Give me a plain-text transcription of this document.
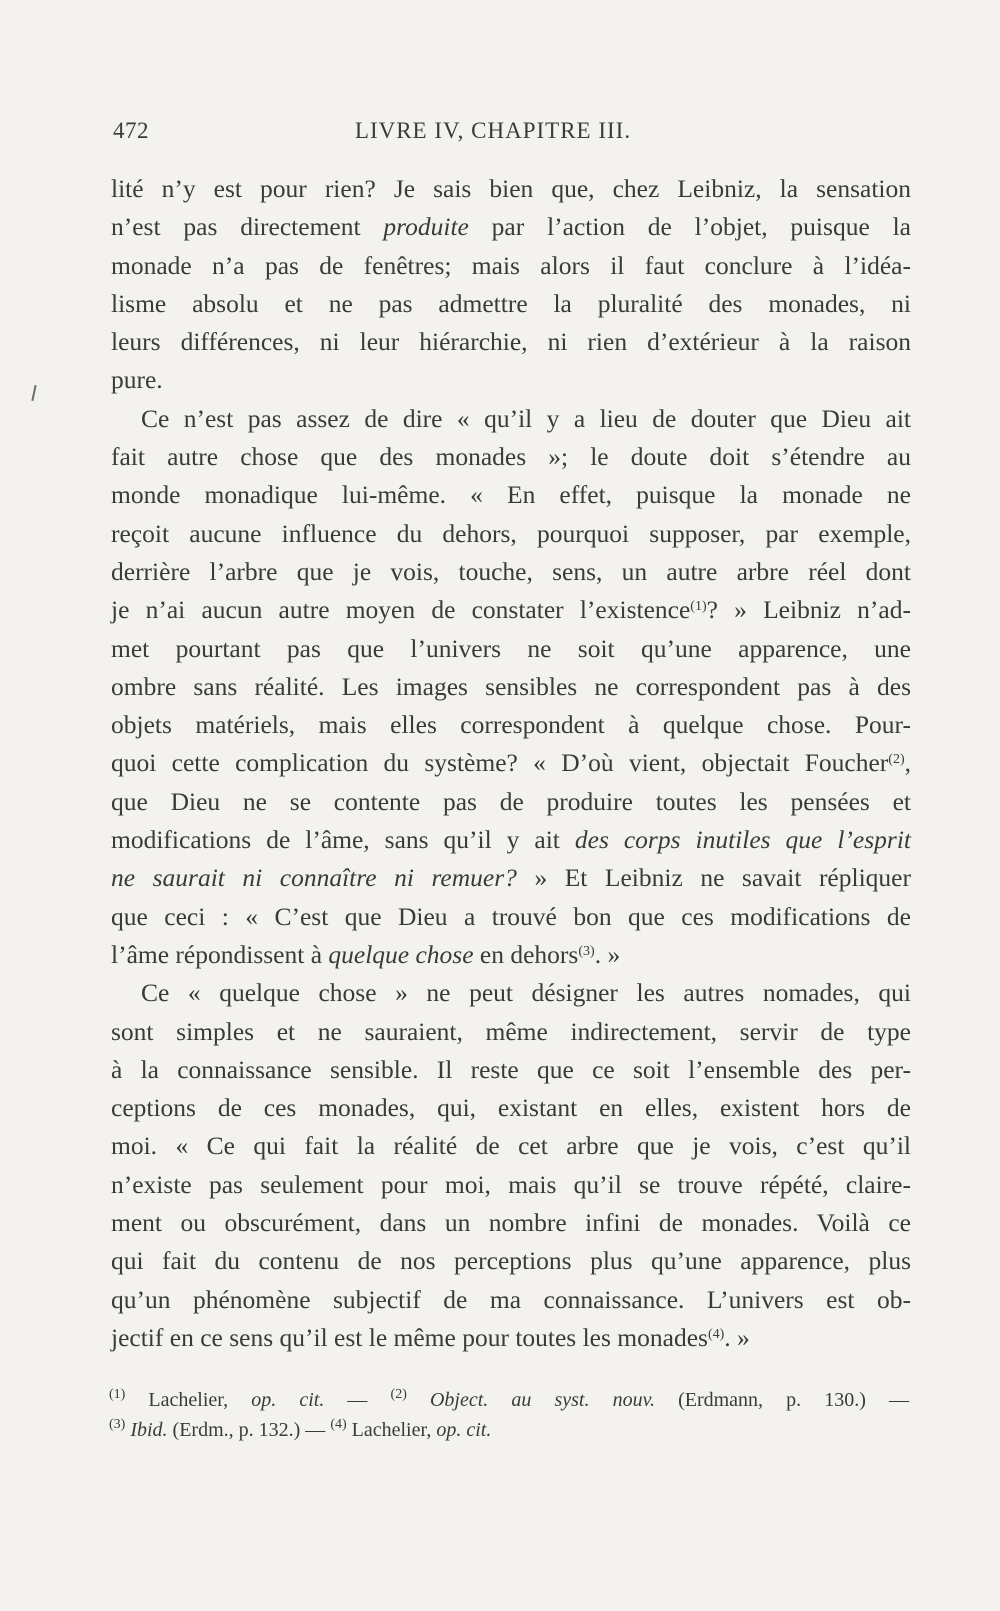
472	LIVRE IV, CHAPITRE III.
lité n’y est pour rien? Je sais bien que, chez Leibniz, la sensation
n’est pas directement produite par l’action de l’objet, puisque la
monade n’a pas de fenêtres; mais alors il faut conclure à l’idéa-
lisme absolu et ne pas admettre la pluralité des monades, ni
leurs différences, ni leur hiérarchie, ni rien d’extérieur à la raison
pure.
Ce n’est pas assez de dire « qu’il y a lieu de douter que Dieu ait
fait autre chose que des monades »; le doute doit s’étendre au
monde monadique lui-même. « En effet, puisque la monade ne
reçoit aucune influence du dehors, pourquoi supposer, par exemple,
derrière l’arbre que je vois, touche, sens, un autre arbre réel dont
je n’ai aucun autre moyen de constater l’existence$^{(1)}$? » Leibniz n’ad-
met pourtant pas que l’univers ne soit qu’une apparence, une
ombre sans réalité. Les images sensibles ne correspondent pas à des
objets matériels, mais elles correspondent à quelque chose. Pour-
quoi cette complication du système? « D’où vient, objectait Foucher$^{(2)}$,
que Dieu ne se contente pas de produire toutes les pensées et
modifications de l’âme, sans qu’il y ait des corps inutiles que l’esprit
ne saurait ni connaître ni remuer? » Et Leibniz ne savait répliquer
que ceci : « C’est que Dieu a trouvé bon que ces modifications de
l’âme répondissent à quelque chose en dehors$^{(3)}$. »
Ce « quelque chose » ne peut désigner les autres nomades, qui
sont simples et ne sauraient, même indirectement, servir de type
à la connaissance sensible. Il reste que ce soit l’ensemble des per-
ceptions de ces monades, qui, existant en elles, existent hors de
moi. « Ce qui fait la réalité de cet arbre que je vois, c’est qu’il
n’existe pas seulement pour moi, mais qu’il se trouve répété, claire-
ment ou obscurément, dans un nombre infini de monades. Voilà ce
qui fait du contenu de nos perceptions plus qu’une apparence, plus
qu’un phénomène subjectif de ma connaissance. L’univers est ob-
jectif en ce sens qu’il est le même pour toutes les monades$^{(4)}$. »
$^{(1)}$ Lachelier, op. cit. — $^{(2)}$ Object. au syst. nouv. (Erdmann, p. 130.) —
$^{(3)}$ Ibid. (Erdm., p. 132.) — $^{(4)}$ Lachelier, op. cit.
